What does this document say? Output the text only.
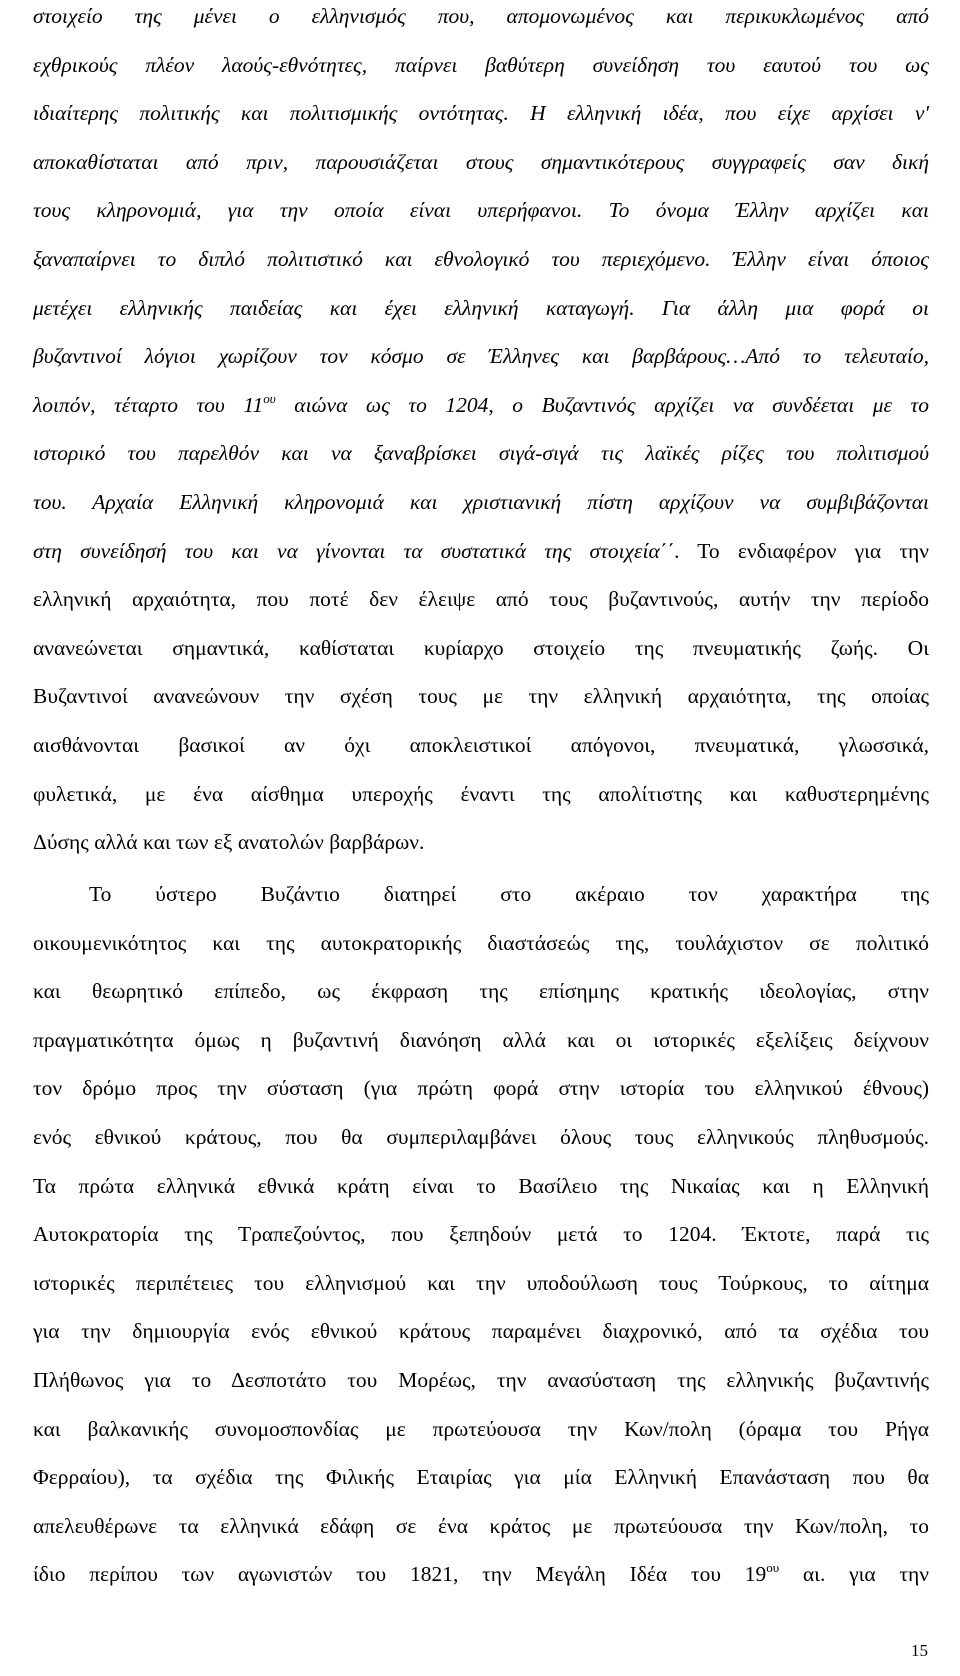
στοιχείο της μένει ο ελληνισμός που, απομονωμένος και περικυκλωμένος από
εχθρικούς πλέον λαούς-εθνότητες, παίρνει βαθύτερη συνείδηση του εαυτού του ως
ιδιαίτερης πολιτικής και πολιτισμικής οντότητας. Η ελληνική ιδέα, που είχε αρχίσει ν'
αποκαθίσταται από πριν, παρουσιάζεται στους σημαντικότερους συγγραφείς σαν δική
τους κληρονομιά, για την οποία είναι υπερήφανοι. Το όνομα Έλλην αρχίζει και
ξαναπαίρνει το διπλό πολιτιστικό και εθνολογικό του περιεχόμενο. Έλλην είναι όποιος
μετέχει ελληνικής παιδείας και έχει ελληνική καταγωγή. Για άλλη μια φορά οι
βυζαντινοί λόγιοι χωρίζουν τον κόσμο σε Έλληνες και βαρβάρους…Από το τελευταίο,
λοιπόν, τέταρτο του $11^{o\upsilon}$ αιώνα ως το 1204, ο Βυζαντινός αρχίζει να συνδέεται με το
ιστορικό του παρελθόν και να ξαναβρίσκει σιγά-σιγά τις λαϊκές ρίζες του πολιτισμού
του. Αρχαία Ελληνική κληρονομιά και χριστιανική πίστη αρχίζουν να συμβιβάζονται
στη συνείδησή του και να γίνονται τα συστατικά της στοιχεία΄΄. Το ενδιαφέρον για την
ελληνική αρχαιότητα, που ποτέ δεν έλειψε από τους βυζαντινούς, αυτήν την περίοδο
ανανεώνεται σημαντικά, καθίσταται κυρίαρχο στοιχείο της πνευματικής ζωής. Οι
Βυζαντινοί ανανεώνουν την σχέση τους με την ελληνική αρχαιότητα, της οποίας
αισθάνονται βασικοί αν όχι αποκλειστικοί απόγονοι, πνευματικά, γλωσσικά,
φυλετικά, με ένα αίσθημα υπεροχής έναντι της απολίτιστης και καθυστερημένης
Δύσης αλλά και των εξ ανατολών βαρβάρων.
Το ύστερο Βυζάντιο διατηρεί στο ακέραιο τον χαρακτήρα της
οικουμενικότητος και της αυτοκρατορικής διαστάσεώς της, τουλάχιστον σε πολιτικό
και θεωρητικό επίπεδο, ως έκφραση της επίσημης κρατικής ιδεολογίας, στην
πραγματικότητα όμως η βυζαντινή διανόηση αλλά και οι ιστορικές εξελίξεις δείχνουν
τον δρόμο προς την σύσταση (για πρώτη φορά στην ιστορία του ελληνικού έθνους)
ενός εθνικού κράτους, που θα συμπεριλαμβάνει όλους τους ελληνικούς πληθυσμούς.
Τα πρώτα ελληνικά εθνικά κράτη είναι το Βασίλειο της Νικαίας και η Ελληνική
Αυτοκρατορία της Τραπεζούντος, που ξεπηδούν μετά το 1204. Έκτοτε, παρά τις
ιστορικές περιπέτειες του ελληνισμού και την υποδούλωση τους Τούρκους, το αίτημα
για την δημιουργία ενός εθνικού κράτους παραμένει διαχρονικό, από τα σχέδια του
Πλήθωνος για το Δεσποτάτο του Μορέως, την ανασύσταση της ελληνικής βυζαντινής
και βαλκανικής συνομοσπονδίας με πρωτεύουσα την Κων/πολη (όραμα του Ρήγα
Φερραίου), τα σχέδια της Φιλικής Εταιρίας για μία Ελληνική Επανάσταση που θα
απελευθέρωνε τα ελληνικά εδάφη σε ένα κράτος με πρωτεύουσα την Κων/πολη, το
ίδιο περίπου των αγωνιστών του 1821, την Μεγάλη Ιδέα του $19^{o\upsilon}$ αι. για την
15
